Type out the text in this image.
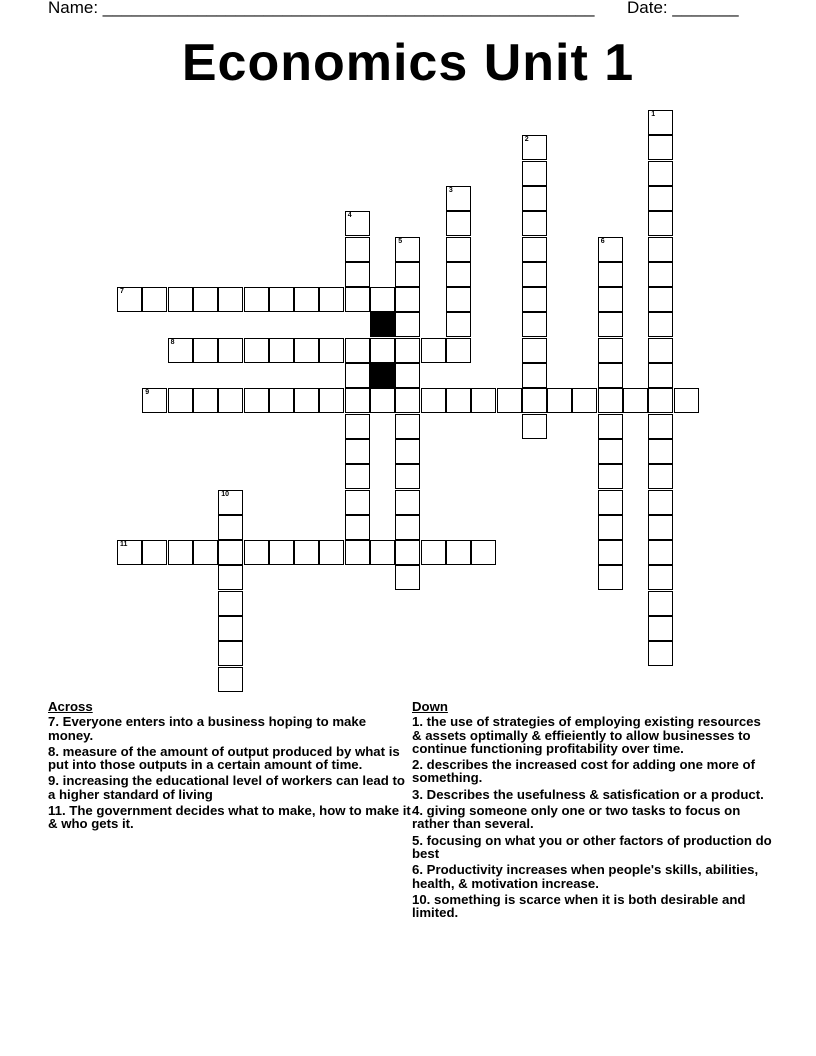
Name: ____________________________________________________ Date: _______
Economics Unit 1
1
2
3
4
5	6
7
8
9
10
11
Across
7. Everyone enters into a business hoping to make money.
8. measure of the amount of output produced by what is put into those outputs in a certain amount of time.
9. increasing the educational level of workers can lead to a higher standard of living
11. The government decides what to make, how to make it & who gets it.
Down
1. the use of strategies of employing existing resources & assets optimally & effieiently to allow businesses to continue functioning profitability over time.
2. describes the increased cost for adding one more of something.
3. Describes the usefulness & satisfication or a product.
4. giving someone only one or two tasks to focus on rather than several.
5. focusing on what you or other factors of production do best
6. Productivity increases when people's skills, abilities, health, & motivation increase.
10. something is scarce when it is both desirable and limited.
